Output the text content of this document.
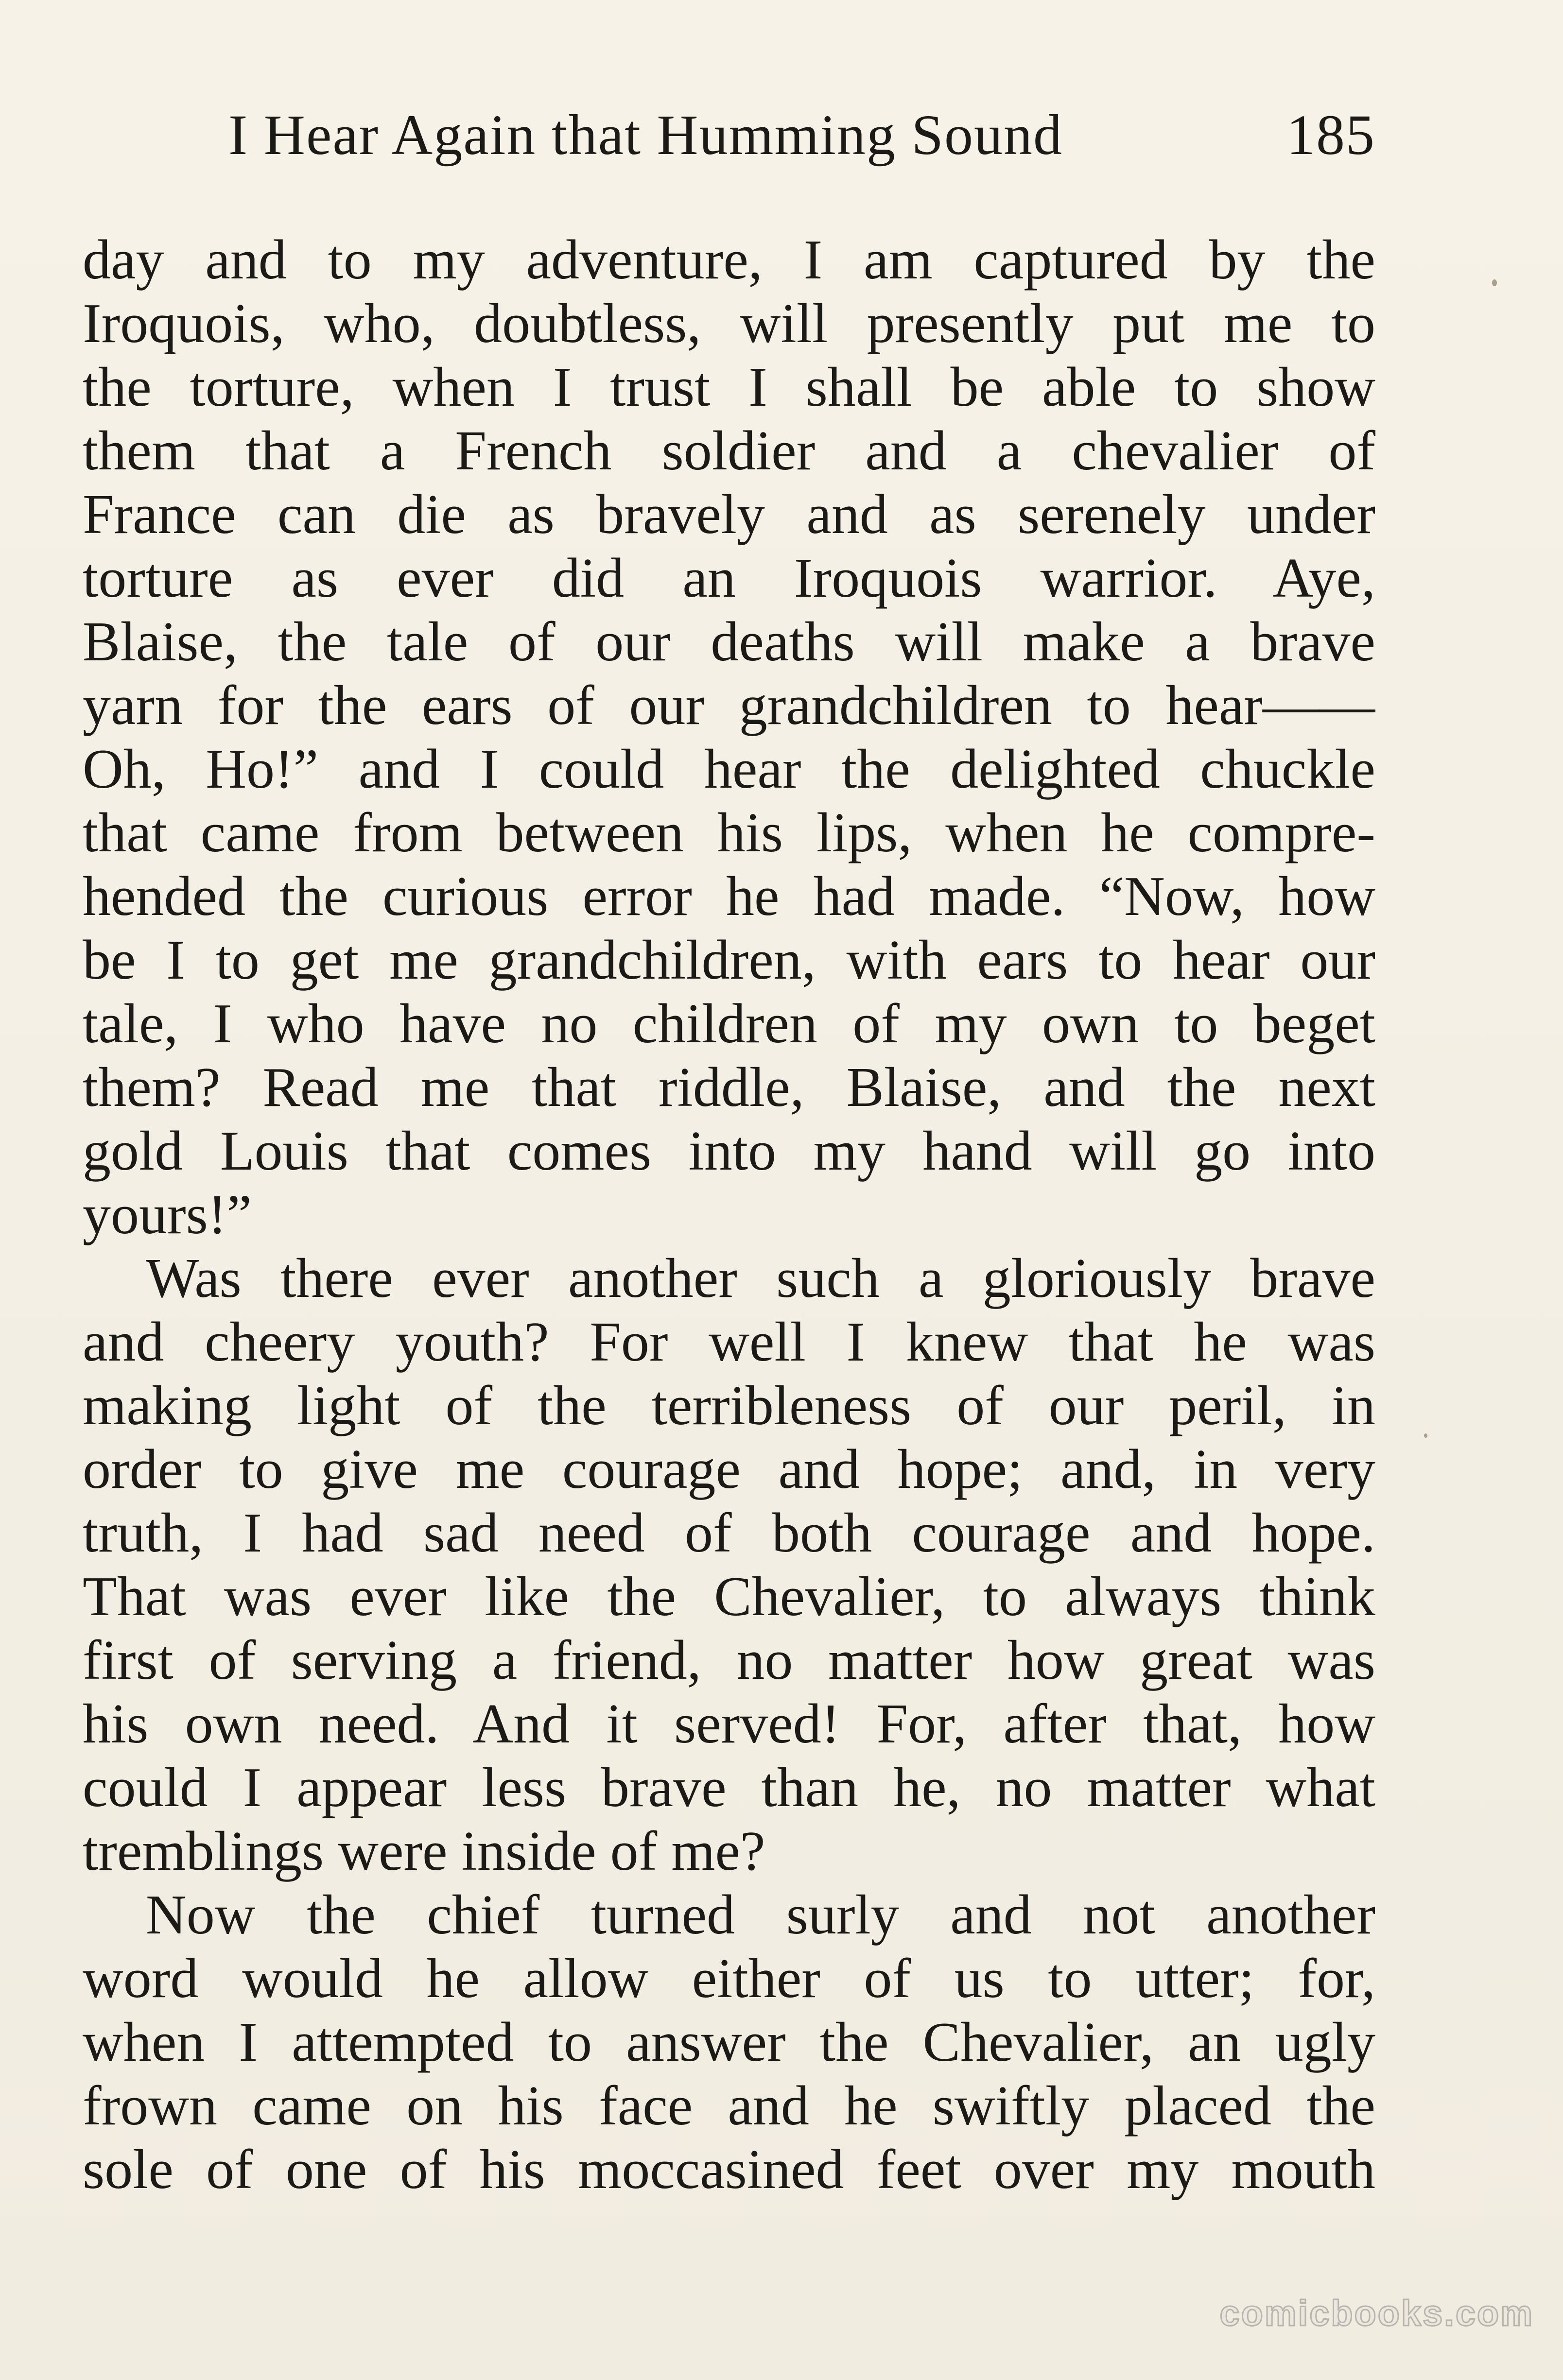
I Hear Again that Humming Sound	185
day and to my adventure, I am captured by the
Iroquois, who, doubtless, will presently put me to
the torture, when I trust I shall be able to show
them that a French soldier and a chevalier of
France can die as bravely and as serenely under
torture as ever did an Iroquois warrior. Aye,
Blaise, the tale of our deaths will make a brave
yarn for the ears of our grandchildren to hear——
Oh, Ho!” and I could hear the delighted chuckle
that came from between his lips, when he compre-
hended the curious error he had made. “Now, how
be I to get me grandchildren, with ears to hear our
tale, I who have no children of my own to beget
them? Read me that riddle, Blaise, and the next
gold Louis that comes into my hand will go into
yours!”
Was there ever another such a gloriously brave
and cheery youth? For well I knew that he was
making light of the terribleness of our peril, in
order to give me courage and hope; and, in very
truth, I had sad need of both courage and hope.
That was ever like the Chevalier, to always think
first of serving a friend, no matter how great was
his own need. And it served! For, after that, how
could I appear less brave than he, no matter what
tremblings were inside of me?
Now the chief turned surly and not another
word would he allow either of us to utter; for,
when I attempted to answer the Chevalier, an ugly
frown came on his face and he swiftly placed the
sole of one of his moccasined feet over my mouth
comicbooks.com
